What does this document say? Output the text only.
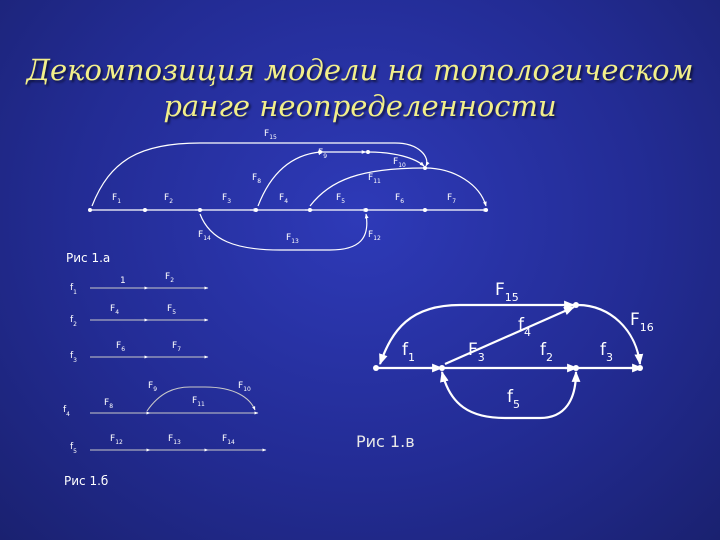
Декомпозиция модели на топологическом
ранге неопределенности
$F_1$	$F_2$	$F_3$	$F_4$	$F_5$	$F_6$	$F_7$
$F_8$
$F_9$
$F_{10}$
$F_{11}$
$F_{12}$
$F_{13}$
$F_{14}$
$F_{15}$
Рис 1.а
$f_1$
1	$F_2$
$f_2$
$F_4$	$F_5$
$f_3$
$F_6$	$F_7$
$f_4$
$F_8$
$F_9$	$F_{10}$
$F_{11}$
$f_5$
$F_{12}$	$F_{13}$	$F_{14}$
Рис 1.б
$f_1$	$F_3$	$f_2$	$f_3$
$f_4$
$f_5$
$F_{15}$
$F_{16}$
Рис 1.в
